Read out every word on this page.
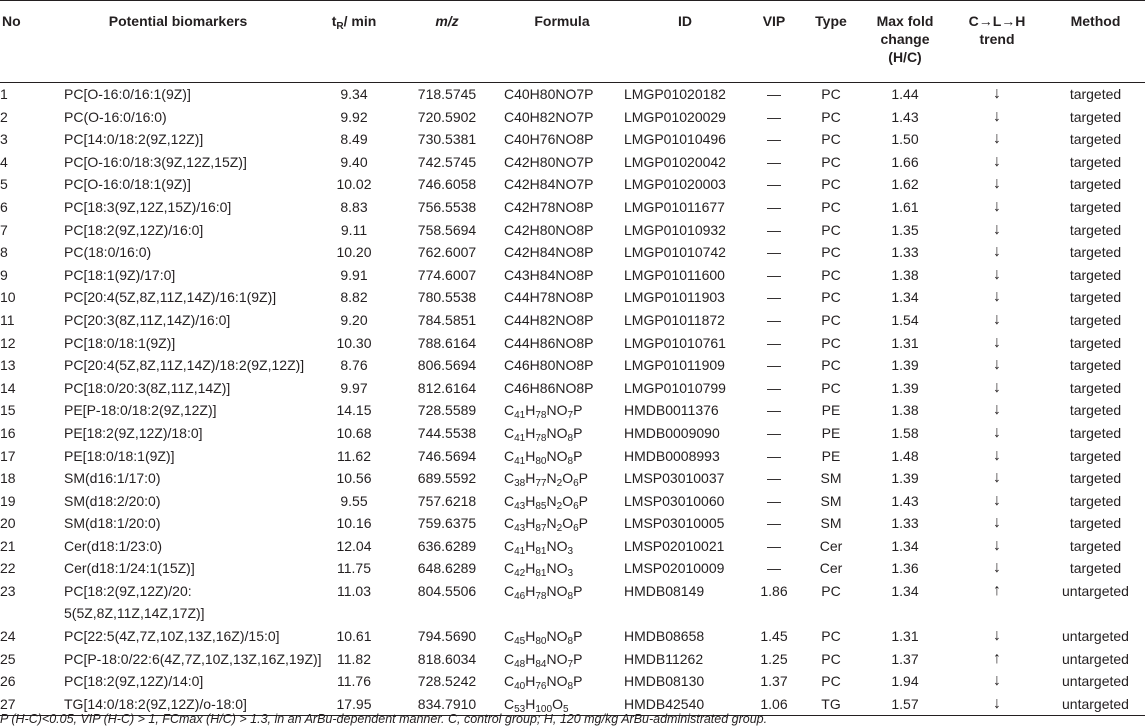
No	Potential biomarkers	$t_R/$ min	m/z	Formula	ID	VIP	Type	Max fold change (H/C)	C→L→H trend	Method
1	PC[O-16:0/16:1(9Z)]	9.34	718.5745	C40H80NO7P	LMGP01020182	—	PC	1.44	↓	targeted
2	PC(O-16:0/16:0)	9.92	720.5902	C40H82NO7P	LMGP01020029	—	PC	1.43	↓	targeted
3	PC[14:0/18:2(9Z,12Z)]	8.49	730.5381	C40H76NO8P	LMGP01010496	—	PC	1.50	↓	targeted
4	PC[O-16:0/18:3(9Z,12Z,15Z)]	9.40	742.5745	C42H80NO7P	LMGP01020042	—	PC	1.66	↓	targeted
5	PC[O-16:0/18:1(9Z)]	10.02	746.6058	C42H84NO7P	LMGP01020003	—	PC	1.62	↓	targeted
6	PC[18:3(9Z,12Z,15Z)/16:0]	8.83	756.5538	C42H78NO8P	LMGP01011677	—	PC	1.61	↓	targeted
7	PC[18:2(9Z,12Z)/16:0]	9.11	758.5694	C42H80NO8P	LMGP01010932	—	PC	1.35	↓	targeted
8	PC(18:0/16:0)	10.20	762.6007	C42H84NO8P	LMGP01010742	—	PC	1.33	↓	targeted
9	PC[18:1(9Z)/17:0]	9.91	774.6007	C43H84NO8P	LMGP01011600	—	PC	1.38	↓	targeted
10	PC[20:4(5Z,8Z,11Z,14Z)/16:1(9Z)]	8.82	780.5538	C44H78NO8P	LMGP01011903	—	PC	1.34	↓	targeted
11	PC[20:3(8Z,11Z,14Z)/16:0]	9.20	784.5851	C44H82NO8P	LMGP01011872	—	PC	1.54	↓	targeted
12	PC[18:0/18:1(9Z)]	10.30	788.6164	C44H86NO8P	LMGP01010761	—	PC	1.31	↓	targeted
13	PC[20:4(5Z,8Z,11Z,14Z)/18:2(9Z,12Z)]	8.76	806.5694	C46H80NO8P	LMGP01011909	—	PC	1.39	↓	targeted
14	PC[18:0/20:3(8Z,11Z,14Z)]	9.97	812.6164	C46H86NO8P	LMGP01010799	—	PC	1.39	↓	targeted
15	PE[P-18:0/18:2(9Z,12Z)]	14.15	728.5589	$C_{41}H_{78}NO_7P$	HMDB0011376	—	PE	1.38	↓	targeted
16	PE[18:2(9Z,12Z)/18:0]	10.68	744.5538	$C_{41}H_{78}NO_8P$	HMDB0009090	—	PE	1.58	↓	targeted
17	PE[18:0/18:1(9Z)]	11.62	746.5694	$C_{41}H_{80}NO_8P$	HMDB0008993	—	PE	1.48	↓	targeted
18	SM(d16:1/17:0)	10.56	689.5592	$C_{38}H_{77}N_2O_6P$	LMSP03010037	—	SM	1.39	↓	targeted
19	SM(d18:2/20:0)	9.55	757.6218	$C_{43}H_{85}N_2O_6P$	LMSP03010060	—	SM	1.43	↓	targeted
20	SM(d18:1/20:0)	10.16	759.6375	$C_{43}H_{87}N_2O_6P$	LMSP03010005	—	SM	1.33	↓	targeted
21	Cer(d18:1/23:0)	12.04	636.6289	$C_{41}H_{81}NO_3$	LMSP02010021	—	Cer	1.34	↓	targeted
22	Cer(d18:1/24:1(15Z)]	11.75	648.6289	$C_{42}H_{81}NO_3$	LMSP02010009	—	Cer	1.36	↓	targeted
23	PC[18:2(9Z,12Z)/20: 5(5Z,8Z,11Z,14Z,17Z)]	11.03	804.5506	$C_{46}H_{78}NO_8P$	HMDB08149	1.86	PC	1.34	↑	untargeted
24	PC[22:5(4Z,7Z,10Z,13Z,16Z)/15:0]	10.61	794.5690	$C_{45}H_{80}NO_8P$	HMDB08658	1.45	PC	1.31	↓	untargeted
25	PC[P-18:0/22:6(4Z,7Z,10Z,13Z,16Z,19Z)]	11.82	818.6034	$C_{48}H_{84}NO_7P$	HMDB11262	1.25	PC	1.37	↑	untargeted
26	PC[18:2(9Z,12Z)/14:0]	11.76	728.5242	$C_{40}H_{76}NO_8P$	HMDB08130	1.37	PC	1.94	↓	untargeted
27	TG[14:0/18:2(9Z,12Z)/o-18:0]	17.95	834.7910	$C_{53}H_{100}O_5$	HMDB42540	1.06	TG	1.57	↓	untargeted
P (H-C)<0.05, VIP (H-C) > 1, FCmax (H/C) > 1.3, in an ArBu-dependent manner. C, control group; H, 120 mg/kg ArBu-administrated group.
